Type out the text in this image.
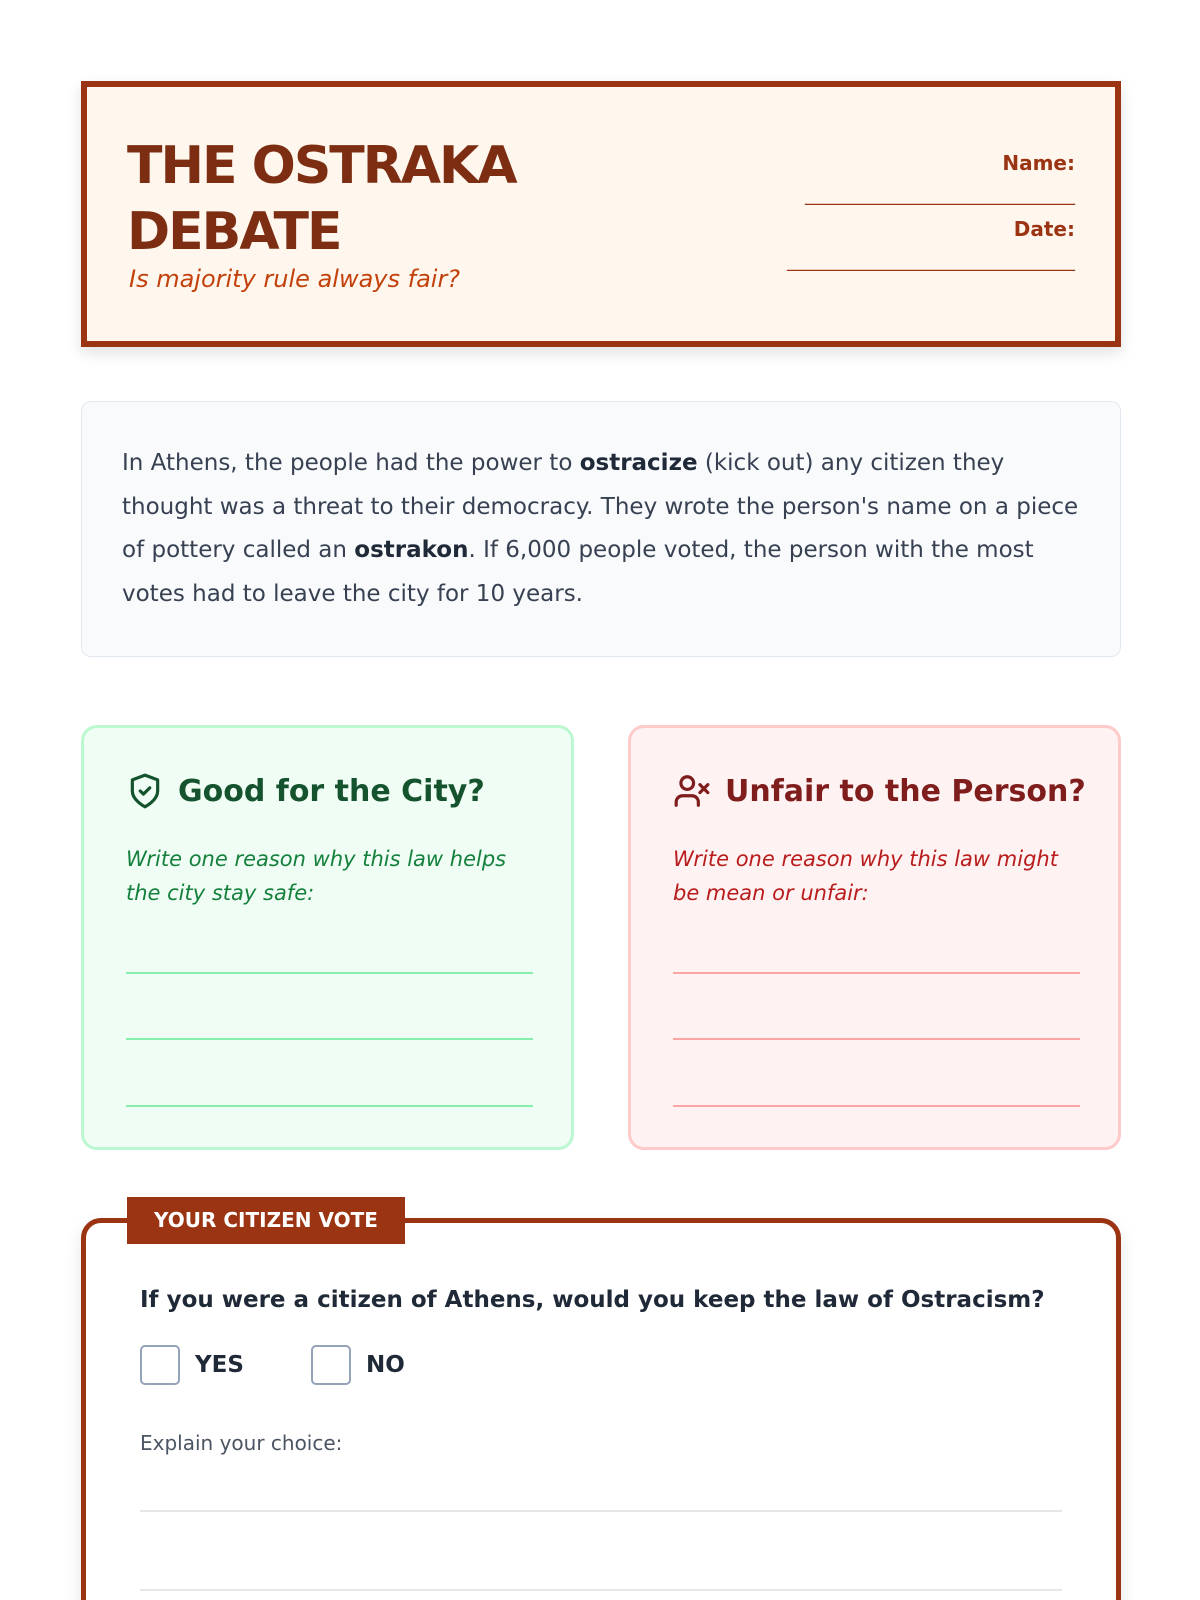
THE OSTRAKA
DEBATE
Is majority rule always fair?
Name:
______________________________
Date:
________________________________
In Athens, the people had the power to ostracize (kick out) any citizen they thought was a threat to their democracy. They wrote the person's name on a piece of pottery called an ostrakon. If 6,000 people voted, the person with the most votes had to leave the city for 10 years.
Good for the City?
Write one reason why this law helps the city stay safe:
Unfair to the Person?
Write one reason why this law might be mean or unfair:
If you were a citizen of Athens, would you keep the law of Ostracism?
YES	NO
Explain your choice:
YOUR CITIZEN VOTE
